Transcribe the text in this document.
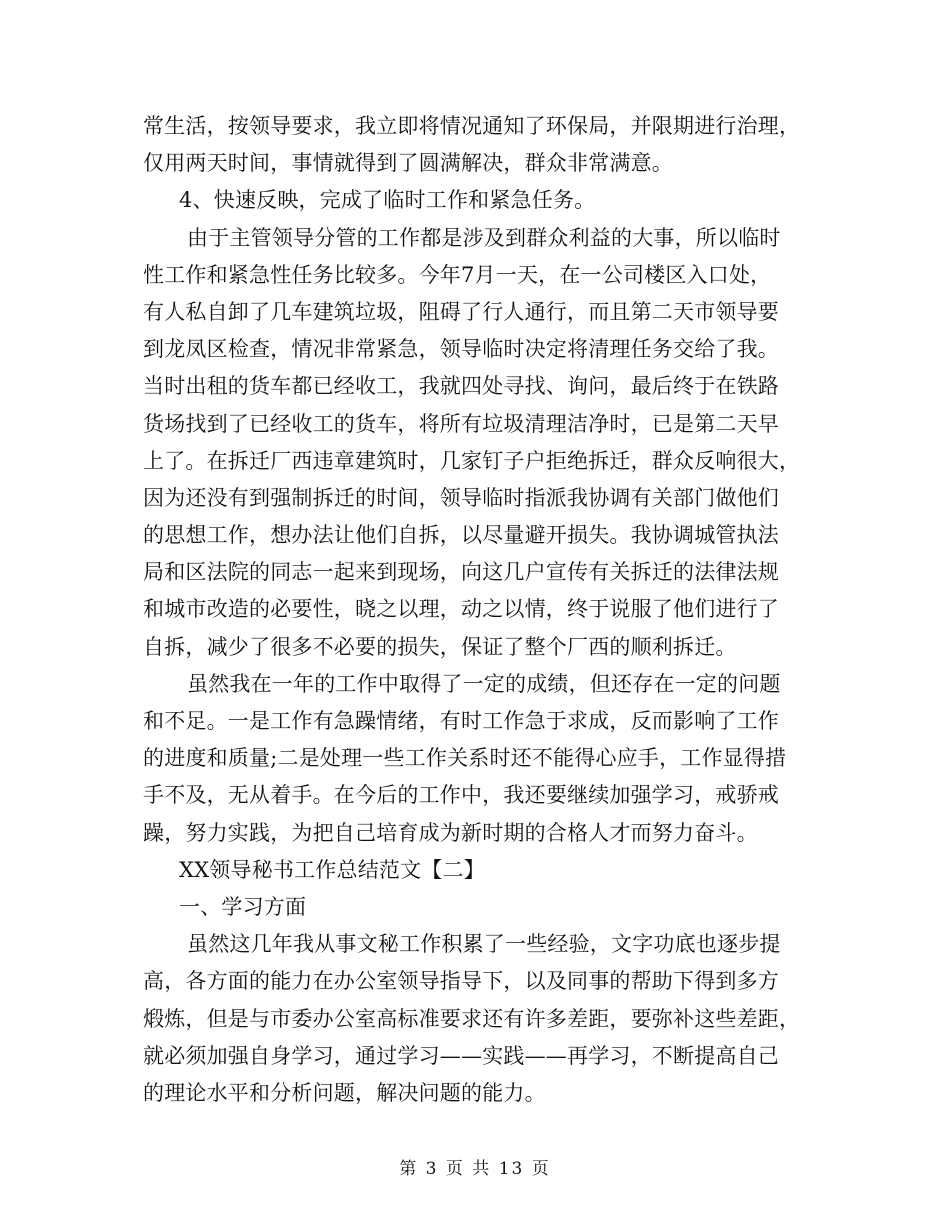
常生活，按领导要求，我立即将情况通知了环保局，并限期进行治理，
仅用两天时间，事情就得到了圆满解决，群众非常满意。

4、快速反映，完成了临时工作和紧急任务。

由于主管领导分管的工作都是涉及到群众利益的大事，所以临时
性工作和紧急性任务比较多。今年7月一天，在一公司楼区入口处，
有人私自卸了几车建筑垃圾，阻碍了行人通行，而且第二天市领导要
到龙凤区检查，情况非常紧急，领导临时决定将清理任务交给了我。
当时出租的货车都已经收工，我就四处寻找、询问，最后终于在铁路
货场找到了已经收工的货车，将所有垃圾清理洁净时，已是第二天早
上了。在拆迁厂西违章建筑时，几家钉子户拒绝拆迁，群众反响很大，
因为还没有到强制拆迁的时间，领导临时指派我协调有关部门做他们
的思想工作，想办法让他们自拆，以尽量避开损失。我协调城管执法
局和区法院的同志一起来到现场，向这几户宣传有关拆迁的法律法规
和城市改造的必要性，晓之以理，动之以情，终于说服了他们进行了
自拆，减少了很多不必要的损失，保证了整个厂西的顺利拆迁。

虽然我在一年的工作中取得了一定的成绩，但还存在一定的问题
和不足。一是工作有急躁情绪，有时工作急于求成，反而影响了工作
的进度和质量;二是处理一些工作关系时还不能得心应手，工作显得措
手不及，无从着手。在今后的工作中，我还要继续加强学习，戒骄戒
躁，努力实践，为把自己培育成为新时期的合格人才而努力奋斗。

XX领导秘书工作总结范文【二】

一、学习方面

虽然这几年我从事文秘工作积累了一些经验，文字功底也逐步提
高，各方面的能力在办公室领导指导下，以及同事的帮助下得到多方
煅炼，但是与市委办公室高标准要求还有许多差距，要弥补这些差距，
就必须加强自身学习，通过学习——实践——再学习，不断提高自己
的理论水平和分析问题，解决问题的能力。

第 3 页 共 13 页
